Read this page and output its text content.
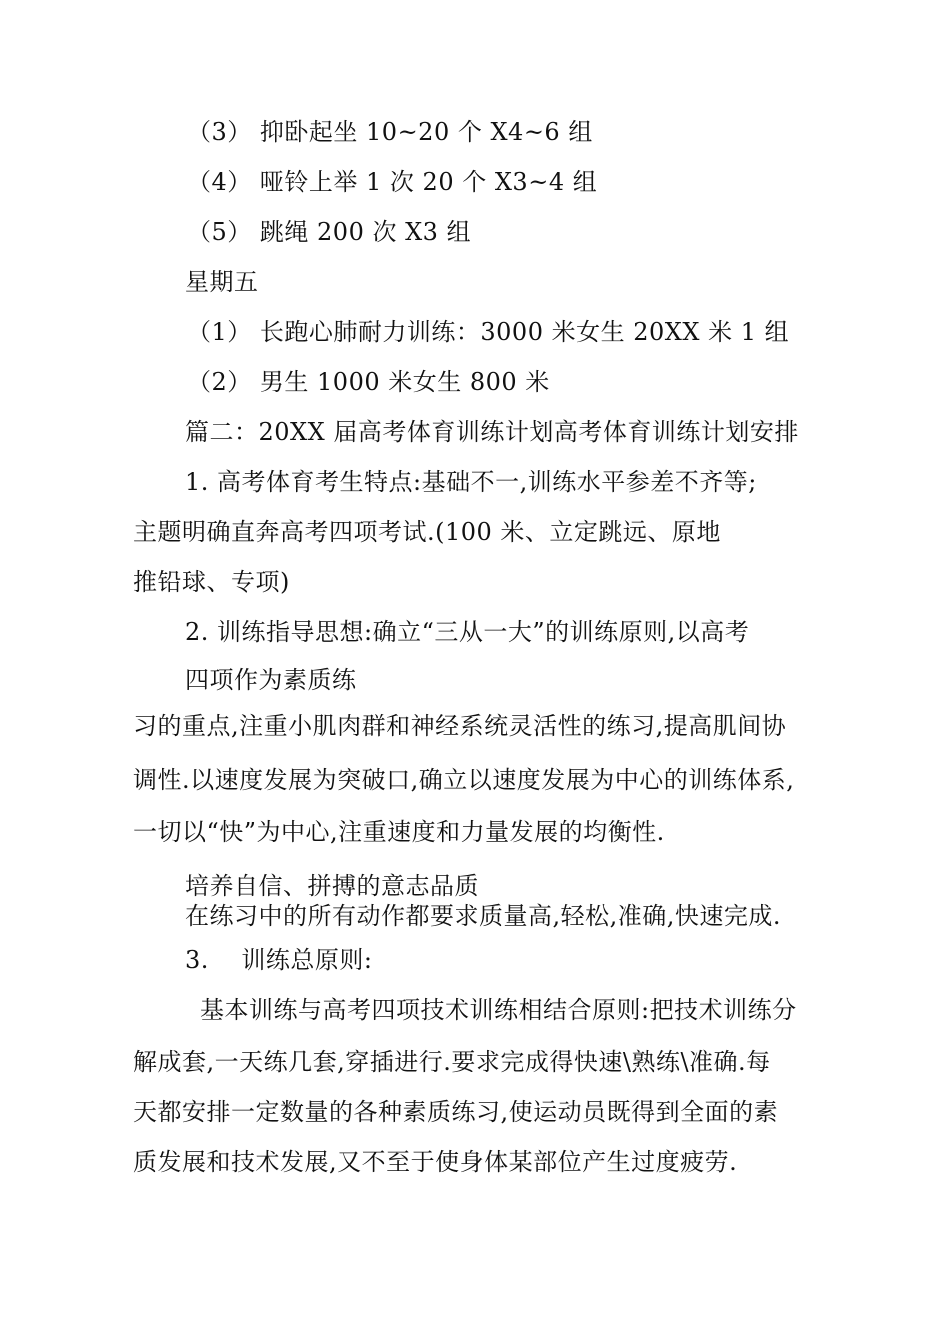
（3） 抑卧起坐 10~20 个 X4~6 组
（4） 哑铃上举 1 次 20 个 X3~4 组
（5） 跳绳 200 次 X3 组
星期五
（1） 长跑心肺耐力训练：3000 米女生 20XX 米 1 组
（2） 男生 1000 米女生 800 米
篇二：20XX 届高考体育训练计划高考体育训练计划安排
1. 高考体育考生特点:基础不一,训练水平参差不齐等;
主题明确直奔高考四项考试.(100 米、立定跳远、原地
推铅球、专项)
2. 训练指导思想:确立“三从一大”的训练原则,以高考
四项作为素质练
习的重点,注重小肌肉群和神经系统灵活性的练习,提高肌间协
调性.以速度发展为突破口,确立以速度发展为中心的训练体系,
一切以“快”为中心,注重速度和力量发展的均衡性.
培养自信、拼搏的意志品质
在练习中的所有动作都要求质量高,轻松,准确,快速完成.
3.    训练总原则:
基本训练与高考四项技术训练相结合原则:把技术训练分
解成套,一天练几套,穿插进行.要求完成得快速\熟练\准确.每
天都安排一定数量的各种素质练习,使运动员既得到全面的素
质发展和技术发展,又不至于使身体某部位产生过度疲劳.
